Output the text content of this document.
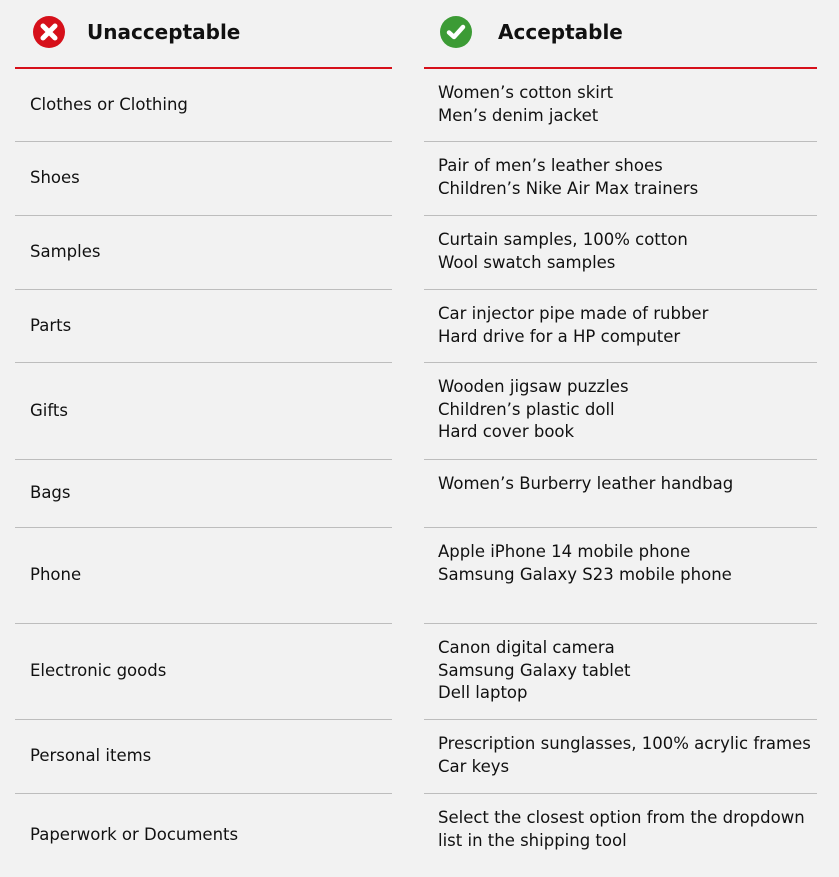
Unacceptable
Clothes or Clothing
Shoes
Samples
Parts
Gifts
Bags
Phone
Electronic goods
Personal items
Paperwork or Documents
Acceptable
Women’s cotton skirt
Men’s denim jacket
Pair of men’s leather shoes
Children’s Nike Air Max trainers
Curtain samples, 100% cotton
Wool swatch samples
Car injector pipe made of rubber
Hard drive for a HP computer
Wooden jigsaw puzzles
Children’s plastic doll
Hard cover book
Women’s Burberry leather handbag
Apple iPhone 14 mobile phone
Samsung Galaxy S23 mobile phone
Canon digital camera
Samsung Galaxy tablet
Dell laptop
Prescription sunglasses, 100% acrylic frames
Car keys
Select the closest option from the dropdown
list in the shipping tool
